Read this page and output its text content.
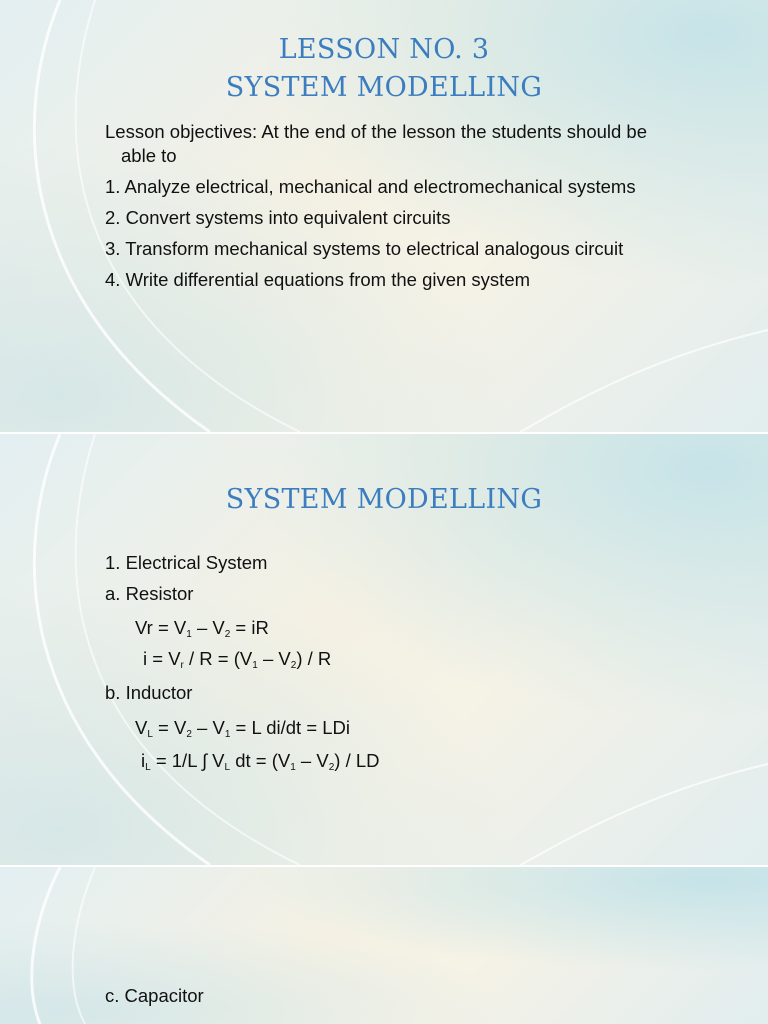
LESSON NO. 3
SYSTEM MODELLING
Lesson objectives: At the end of the lesson the students should be
able to
1. Analyze electrical, mechanical and electromechanical systems
2. Convert systems into equivalent circuits
3. Transform mechanical systems to electrical analogous circuit
4. Write differential equations from the given system
SYSTEM MODELLING
1. Electrical System
a. Resistor
$Vr = V_1 - V_2$ = iR
$i = V_r / R = (V_1 - V_2) / R$
b. Inductor
$V_L = V_2 - V_1 = L$ di/dt = LDi
$i_L = 1/L$ ∫ $V_L$ dt = $(V_1 - V_2)$ / LD
c. Capacitor
